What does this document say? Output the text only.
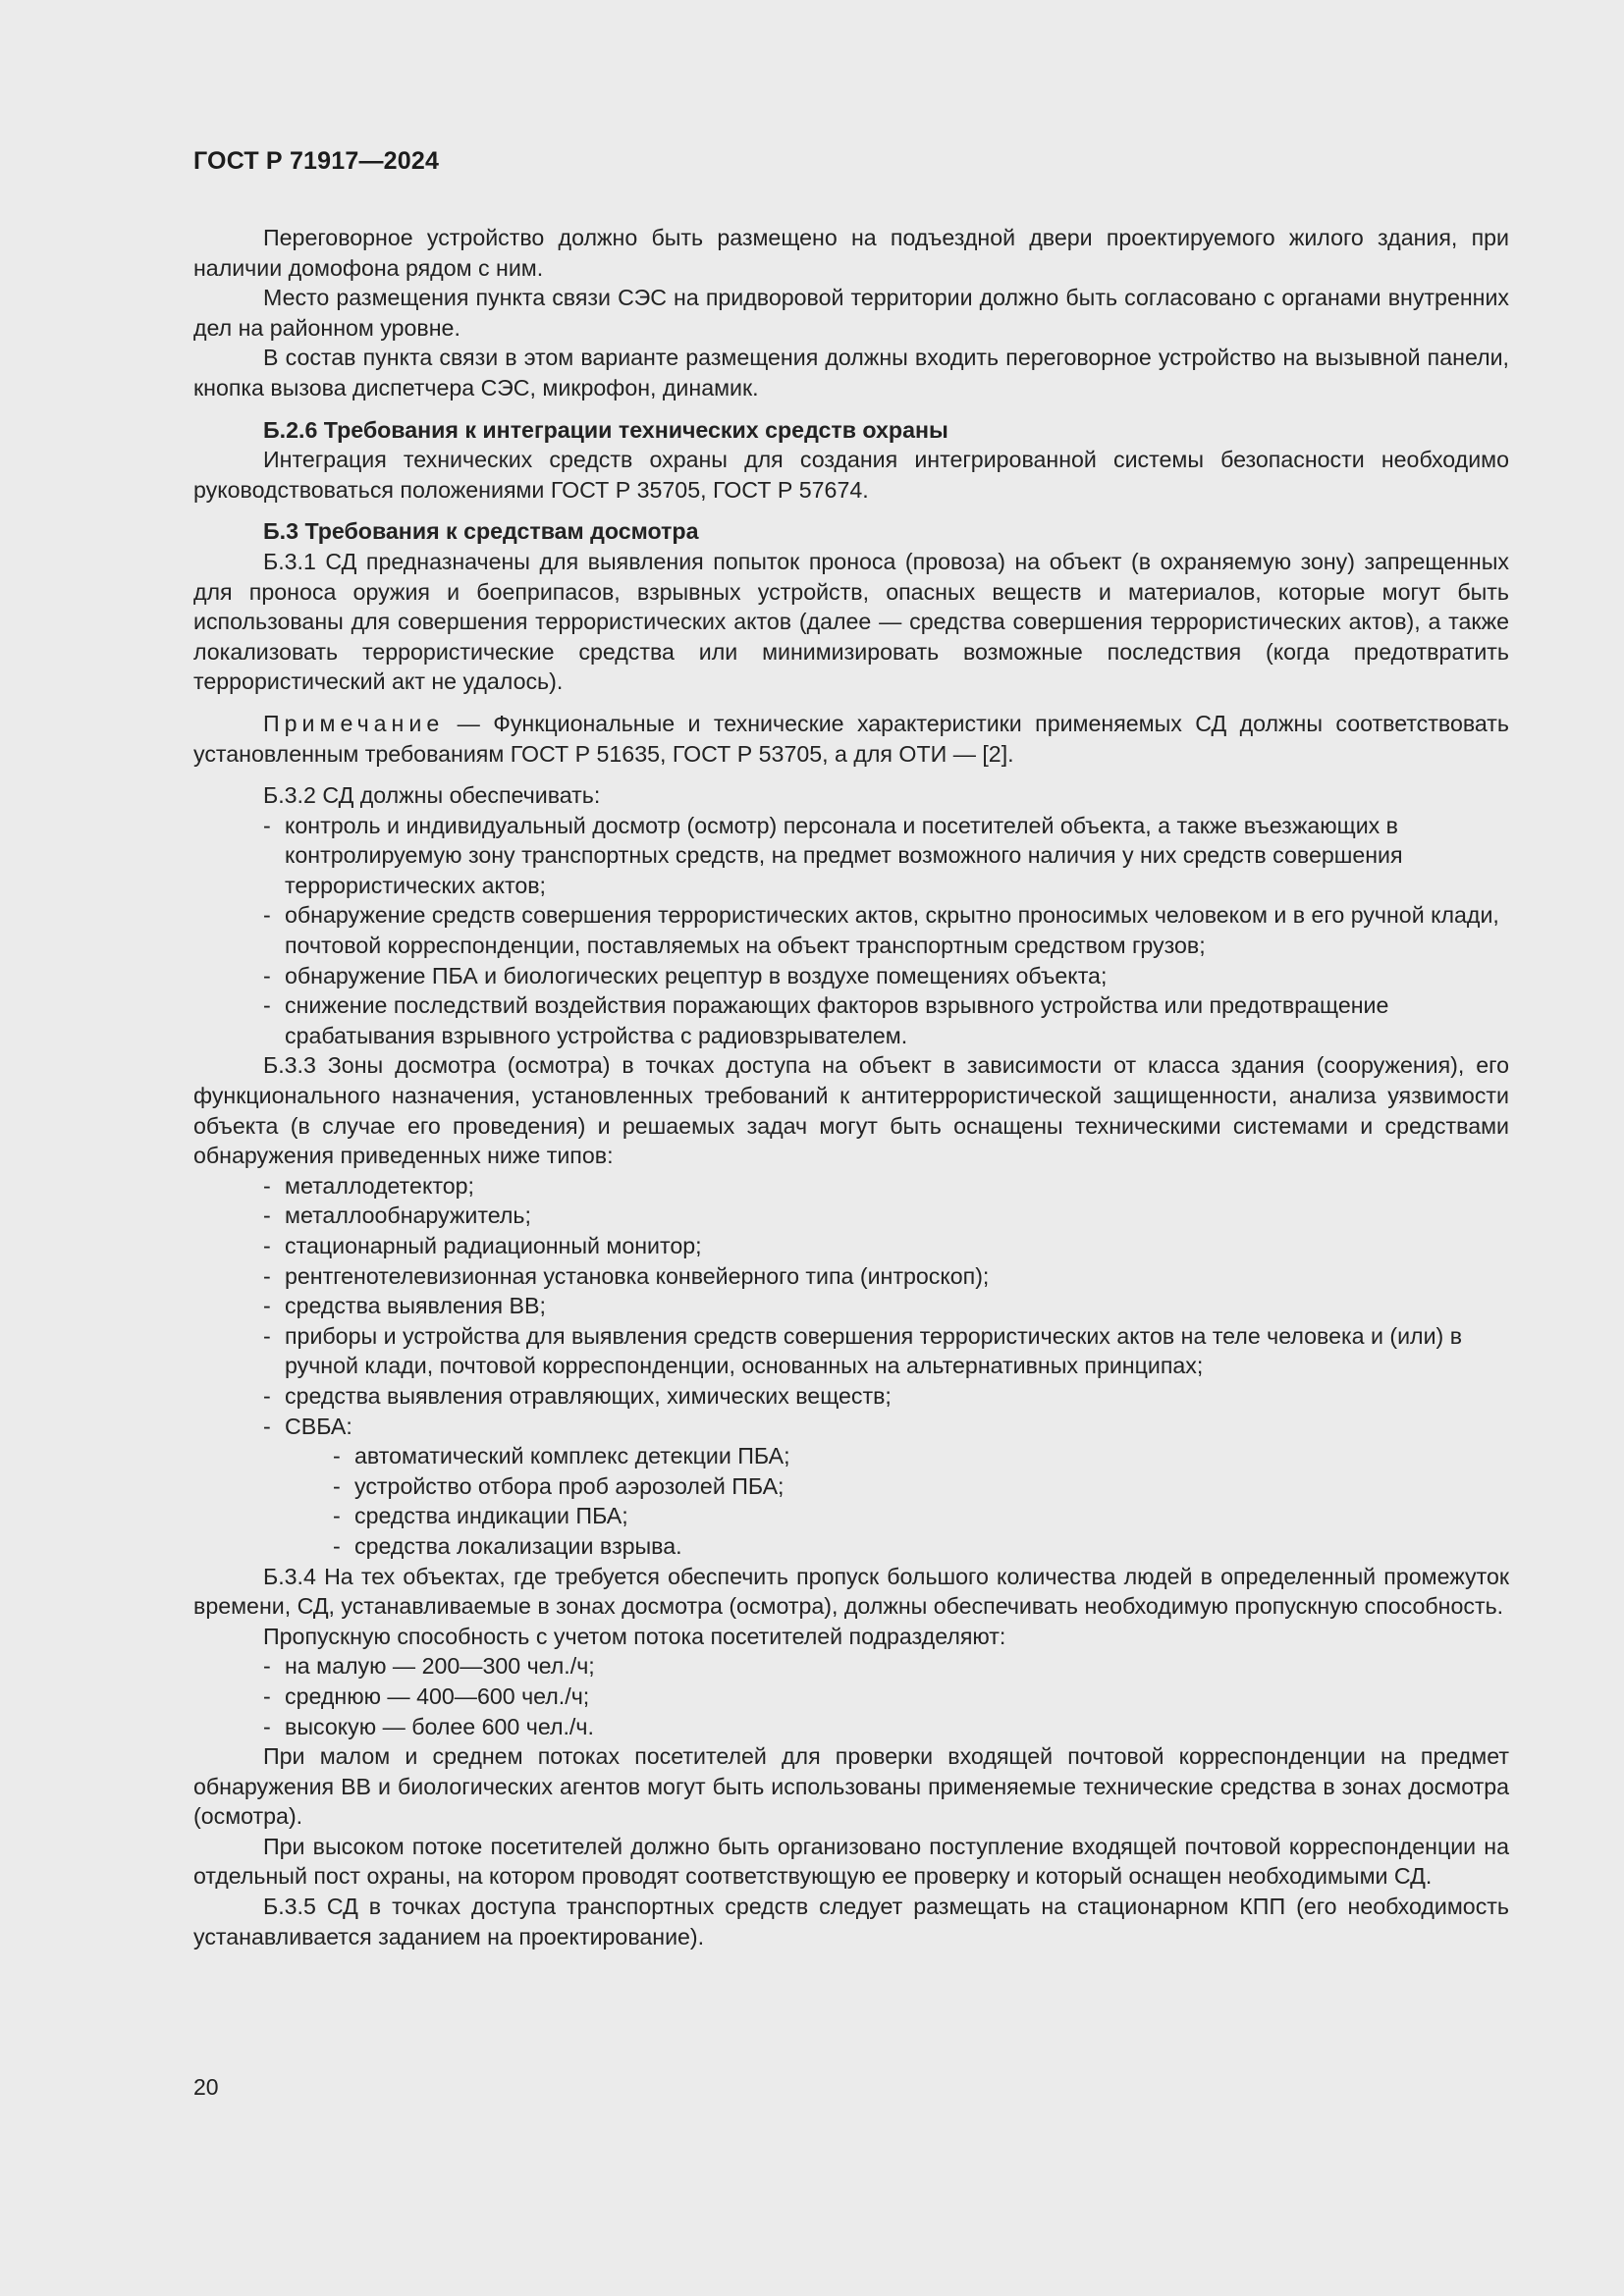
ГОСТ Р 71917—2024

Переговорное устройство должно быть размещено на подъездной двери проектируемого жилого здания, при наличии домофона рядом с ним.

Место размещения пункта связи СЭС на придворовой территории должно быть согласовано с органами внутренних дел на районном уровне.

В состав пункта связи в этом варианте размещения должны входить переговорное устройство на вызывной панели, кнопка вызова диспетчера СЭС, микрофон, динамик.

Б.2.6 Требования к интеграции технических средств охраны

Интеграция технических средств охраны для создания интегрированной системы безопасности необходимо руководствоваться положениями ГОСТ Р 35705, ГОСТ Р 57674.

Б.3 Требования к средствам досмотра

Б.3.1 СД предназначены для выявления попыток проноса (провоза) на объект (в охраняемую зону) запрещенных для проноса оружия и боеприпасов, взрывных устройств, опасных веществ и материалов, которые могут быть использованы для совершения террористических актов (далее — средства совершения террористических актов), а также локализовать террористические средства или минимизировать возможные последствия (когда предотвратить террористический акт не удалось).

Примечание — Функциональные и технические характеристики применяемых СД должны соответствовать установленным требованиям ГОСТ Р 51635, ГОСТ Р 53705, а для ОТИ — [2].

Б.3.2 СД должны обеспечивать:

- контроль и индивидуальный досмотр (осмотр) персонала и посетителей объекта, а также въезжающих в контролируемую зону транспортных средств, на предмет возможного наличия у них средств совершения террористических актов;

- обнаружение средств совершения террористических актов, скрытно проносимых человеком и в его ручной клади, почтовой корреспонденции, поставляемых на объект транспортным средством грузов;

- обнаружение ПБА и биологических рецептур в воздухе помещениях объекта;

- снижение последствий воздействия поражающих факторов взрывного устройства или предотвращение срабатывания взрывного устройства с радиовзрывателем.

Б.3.3 Зоны досмотра (осмотра) в точках доступа на объект в зависимости от класса здания (сооружения), его функционального назначения, установленных требований к антитеррористической защищенности, анализа уязвимости объекта (в случае его проведения) и решаемых задач могут быть оснащены техническими системами и средствами обнаружения приведенных ниже типов:

- металлодетектор;

- металлообнаружитель;

- стационарный радиационный монитор;

- рентгенотелевизионная установка конвейерного типа (интроскоп);

- средства выявления ВВ;

- приборы и устройства для выявления средств совершения террористических актов на теле человека и (или) в ручной клади, почтовой корреспонденции, основанных на альтернативных принципах;

- средства выявления отравляющих, химических веществ;

- СВБА:

- автоматический комплекс детекции ПБА;

- устройство отбора проб аэрозолей ПБА;

- средства индикации ПБА;

- средства локализации взрыва.

Б.3.4 На тех объектах, где требуется обеспечить пропуск большого количества людей в определенный промежуток времени, СД, устанавливаемые в зонах досмотра (осмотра), должны обеспечивать необходимую пропускную способность.

Пропускную способность с учетом потока посетителей подразделяют:

- на малую — 200—300 чел./ч;

- среднюю — 400—600 чел./ч;

- высокую — более 600 чел./ч.

При малом и среднем потоках посетителей для проверки входящей почтовой корреспонденции на предмет обнаружения ВВ и биологических агентов могут быть использованы применяемые технические средства в зонах досмотра (осмотра).

При высоком потоке посетителей должно быть организовано поступление входящей почтовой корреспонденции на отдельный пост охраны, на котором проводят соответствующую ее проверку и который оснащен необходимыми СД.

Б.3.5 СД в точках доступа транспортных средств следует размещать на стационарном КПП (его необходимость устанавливается заданием на проектирование).

20
